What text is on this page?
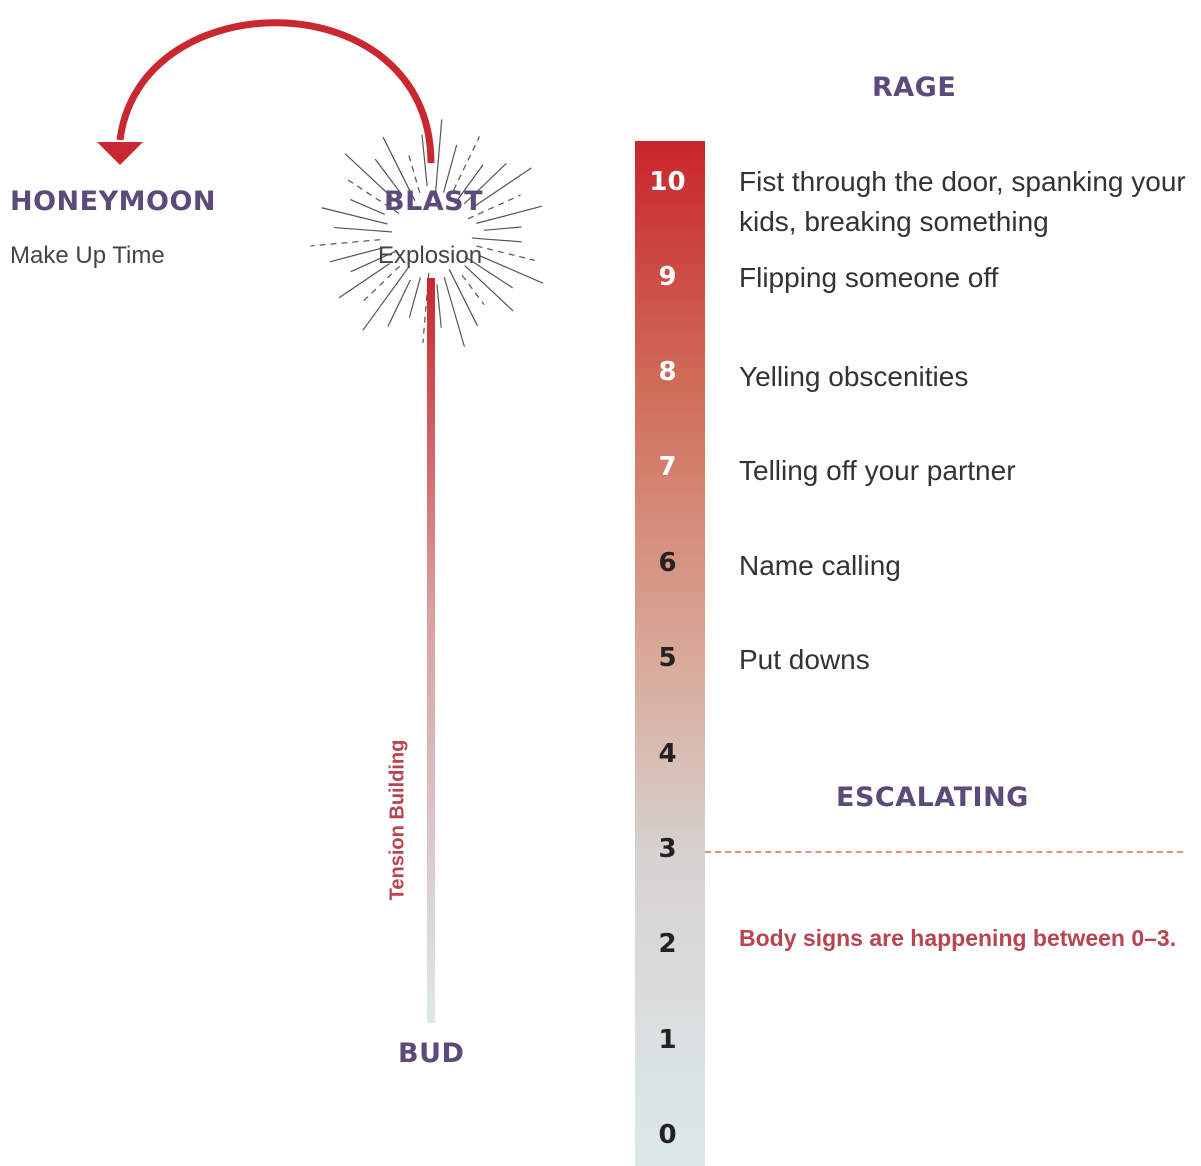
HONEYMOON
Make Up Time
BLAST
Explosion
Tension Building
BUD
RAGE
10
9
8
7
6
5
4
3
2
1
0
Fist through the door, spanking your
kids, breaking something
Flipping someone off
Yelling obscenities
Telling off your partner
Name calling
Put downs
ESCALATING
Body signs are happening between 0–3.
